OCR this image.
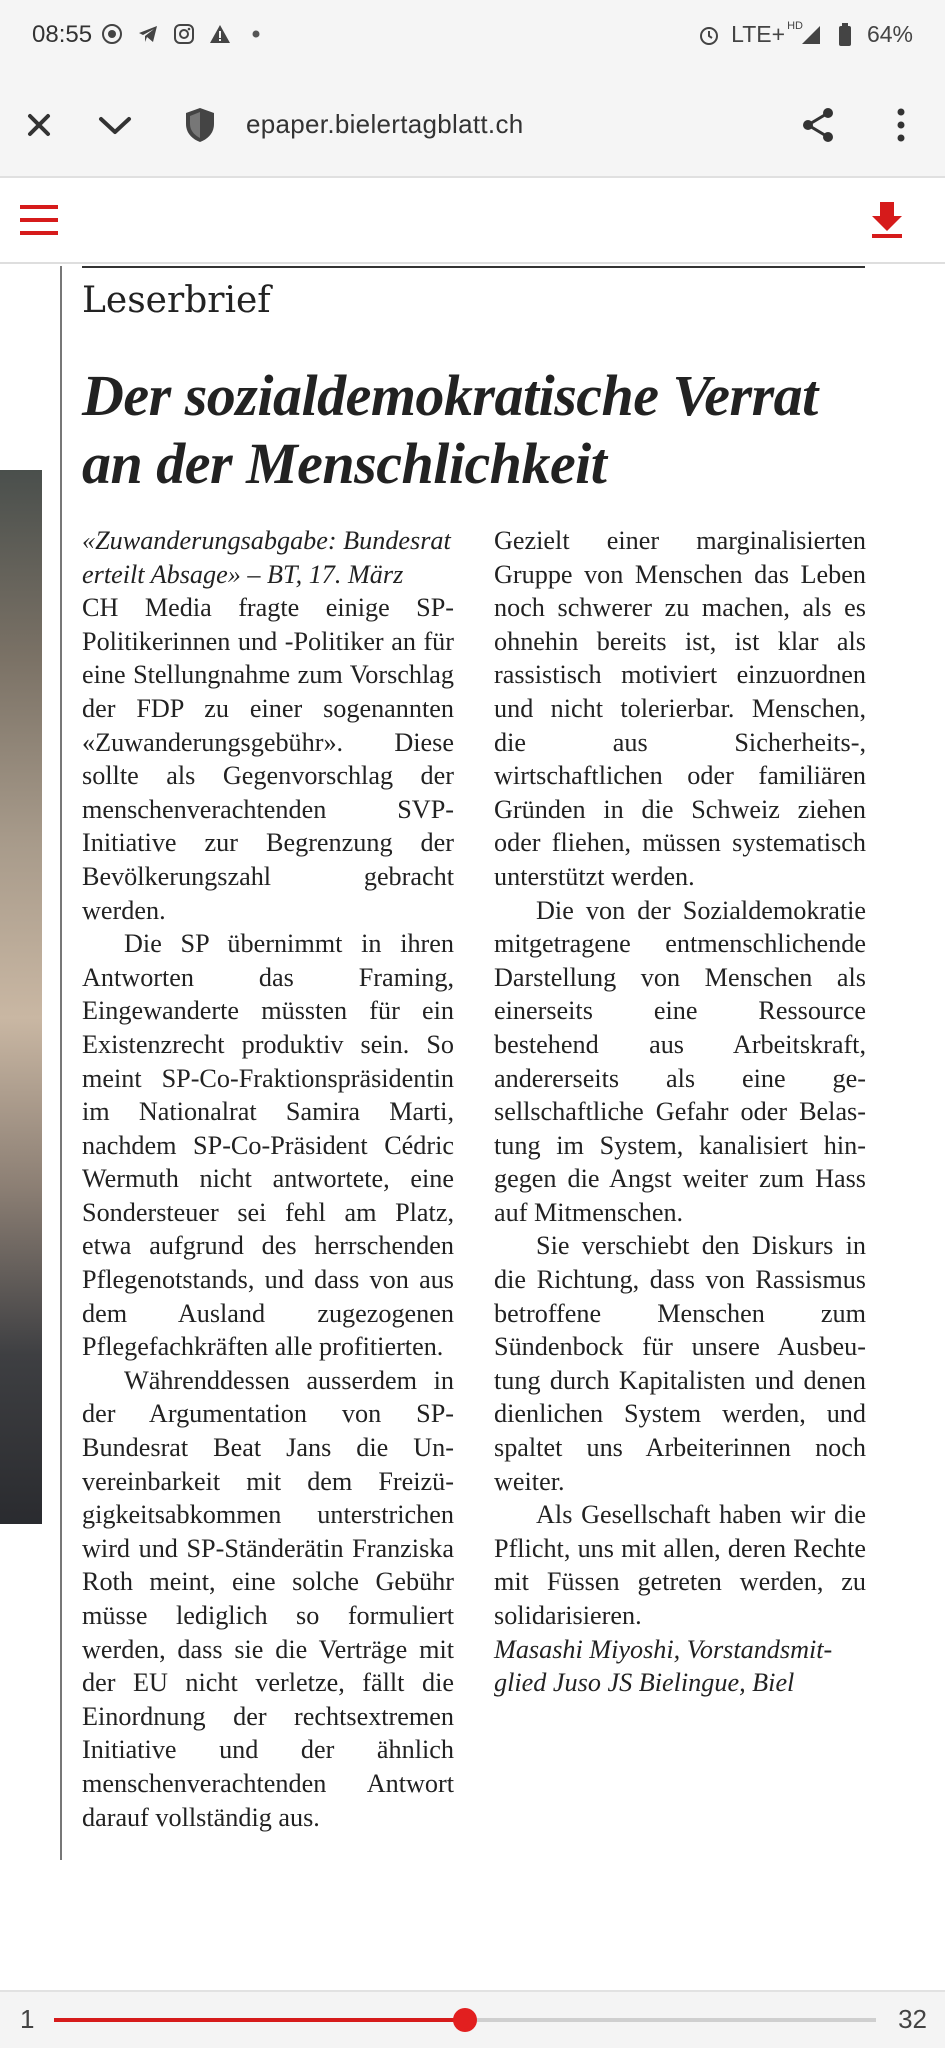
08:55	LTE+ HD	64%
epaper.bielertagblatt.ch
Leserbrief
Der sozialdemokratische Verrat
an der Menschlichkeit

«Zuwanderungsabgabe: Bundesrat
erteilt Absage» – BT, 17. März

CH Media fragte einige SP-Politikerinnen und -Politiker an für eine Stellungnahme zum Vorschlag der FDP zu einer sogenannten «Zuwanderungsgebühr». Diese sollte als Gegenvorschlag der menschenverachtenden SVP-Initiative zur Begrenzung der Bevölkerungszahl gebracht werden.

Die SP übernimmt in ihren Antworten das Framing, Eingewanderte müssten für ein Existenzrecht produktiv sein. So meint SP-Co-Fraktionspräsidentin im Nationalrat Samira Marti, nachdem SP-Co-Präsident Cédric Wermuth nicht antwortete, eine Sondersteuer sei fehl am Platz, etwa aufgrund des herrschenden Pflegenotstands, und dass von aus dem Ausland zugezogenen Pflegefachkräften alle profitierten.

Währenddessen ausserdem in der Argumentation von SP-Bundesrat Beat Jans die Unvereinbarkeit mit dem Freizügigkeitsabkommen unterstrichen wird und SP-Ständerätin Franziska Roth meint, eine solche Gebühr müsse lediglich so formuliert werden, dass sie die Verträge mit der EU nicht verletze, fällt die Einordnung der rechtsextremen Initiative und der ähnlich menschenverachtenden Antwort darauf vollständig aus.

Gezielt einer marginalisierten Gruppe von Menschen das Leben noch schwerer zu machen, als es ohnehin bereits ist, ist klar als rassistisch motiviert einzuordnen und nicht tolerierbar. Menschen, die aus Sicherheits-, wirtschaftlichen oder familiären Gründen in die Schweiz ziehen oder fliehen, müssen systematisch unterstützt werden.

Die von der Sozialdemokratie mitgetragene entmenschlichende Darstellung von Menschen als einerseits eine Ressource bestehend aus Arbeitskraft, andererseits als eine gesellschaftliche Gefahr oder Belastung im System, kanalisiert hingegen die Angst weiter zum Hass auf Mitmenschen.

Sie verschiebt den Diskurs in die Richtung, dass von Rassismus betroffene Menschen zum Sündenbock für unsere Ausbeutung durch Kapitalisten und denen dienlichen System werden, und spaltet uns Arbeiterinnen noch weiter.

Als Gesellschaft haben wir die Pflicht, uns mit allen, deren Rechte mit Füssen getreten werden, zu solidarisieren.

Masashi Miyoshi, Vorstandsmit-
glied Juso JS Bielingue, Biel

1	32
